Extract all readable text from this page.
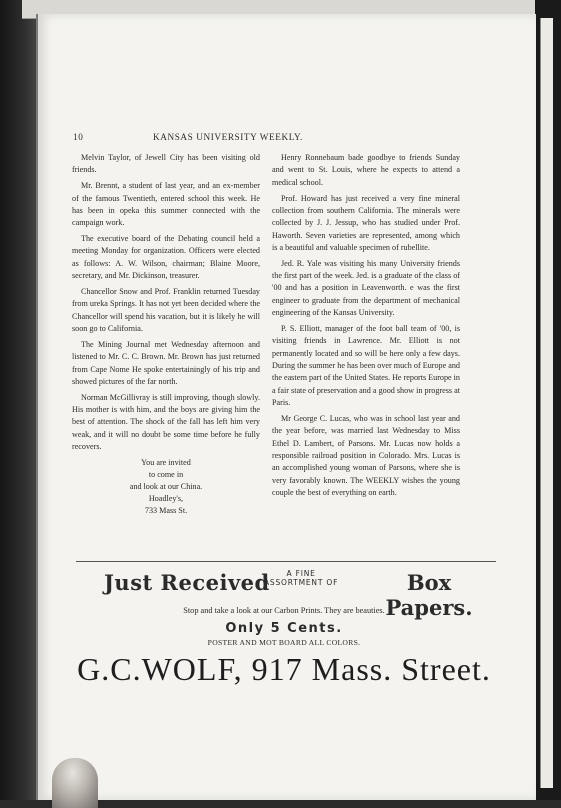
10	KANSAS UNIVERSITY WEEKLY.

Melvin Taylor, of Jewell City has been visiting old friends.

Mr. Brennt, a student of last year, and an ex-member of the famous Twentieth, entered school this week. He has been in opeka this summer connected with the campaign work.

The executive board of the Debating council held a meeting Monday for organization. Officers were elected as follows: A. W. Wilson, chairman; Blaine Moore, secretary, and Mr. Dickinson, treasurer.

Chancellor Snow and Prof. Franklin returned Tuesday from ureka Springs. It has not yet been decided where the Chancellor will spend his vacation, but it is likely he will soon go to California.

The Mining Journal met Wednesday afternoon and listened to Mr. C. C. Brown. Mr. Brown has just returned from Cape Nome He spoke entertainingly of his trip and showed pictures of the far north.

Norman McGillivray is still improving, though slowly. His mother is with him, and the boys are giving him the best of attention. The shock of the fall has left him very weak, and it will no doubt be some time before he fully recovers.

You are invited
to come in
and look at our China.
Hoadley's,
733 Mass St.

Henry Ronnebaum bade goodbye to friends Sunday and went to St. Louis, where he expects to attend a medical school.

Prof. Howard has just received a very fine mineral collection from southern California. The minerals were collected by J. J. Jessup, who has studied under Prof. Haworth. Seven varieties are represented, among which is a beautiful and valuable specimen of rubellite.

Jed. R. Yale was visiting his many University friends the first part of the week. Jed. is a graduate of the class of '00 and has a position in Leavenworth. e was the first engineer to graduate from the department of mechanical engineering of the Kansas University.

P. S. Elliott, manager of the foot ball team of '00, is visiting friends in Lawrence. Mr. Elliott is not permanently located and so will be here only a few days. During the summer he has been over much of Europe and the eastern part of the United States. He reports Europe in a fair state of preservation and a good show in progress at Paris.

Mr George C. Lucas, who was in school last year and the year before, was married last Wednesday to Miss Ethel D. Lambert, of Parsons. Mr. Lucas now holds a responsible railroad position in Colorado. Mrs. Lucas is an accomplished young woman of Parsons, where she is very favorably known. The WEEKLY wishes the young couple the best of everything on earth.

Just Received	A FINE
ASSORTMENT OF	Box Papers.
Stop and take a look at our Carbon Prints. They are beauties.
Only 5 Cents.
POSTER AND MOT BOARD ALL COLORS.
G.C.WOLF, 917 Mass. Street.
